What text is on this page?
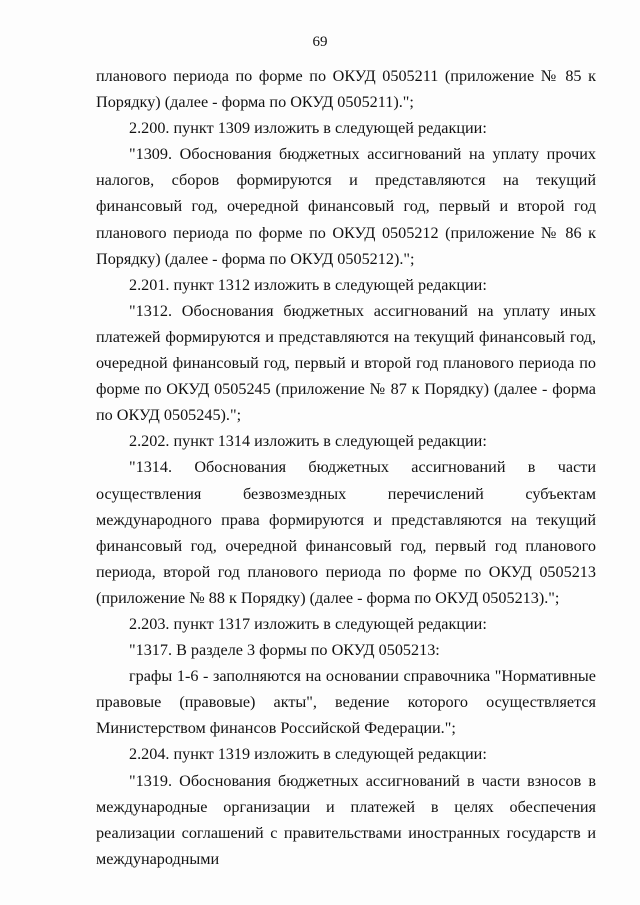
69

планового периода по форме по ОКУД 0505211 (приложение № 85 к Порядку) (далее - форма по ОКУД 0505211).";

2.200. пункт 1309 изложить в следующей редакции:

"1309. Обоснования бюджетных ассигнований на уплату прочих налогов, сборов формируются и представляются на текущий финансовый год, очередной финансовый год, первый и второй год планового периода по форме по ОКУД 0505212 (приложение № 86 к Порядку) (далее - форма по ОКУД 0505212).";

2.201. пункт 1312 изложить в следующей редакции:

"1312. Обоснования бюджетных ассигнований на уплату иных платежей формируются и представляются на текущий финансовый год, очередной финансовый год, первый и второй год планового периода по форме по ОКУД 0505245 (приложение № 87 к Порядку) (далее - форма по ОКУД 0505245).";

2.202. пункт 1314 изложить в следующей редакции:

"1314. Обоснования бюджетных ассигнований в части осуществления безвозмездных перечислений субъектам международного права формируются и представляются на текущий финансовый год, очередной финансовый год, первый год планового периода, второй год планового периода по форме по ОКУД 0505213 (приложение № 88 к Порядку) (далее - форма по ОКУД 0505213).";

2.203. пункт 1317 изложить в следующей редакции:

"1317. В разделе 3 формы по ОКУД 0505213:

графы 1-6 - заполняются на основании справочника "Нормативные правовые (правовые) акты", ведение которого осуществляется Министерством финансов Российской Федерации.";

2.204. пункт 1319 изложить в следующей редакции:

"1319. Обоснования бюджетных ассигнований в части взносов в международные организации и платежей в целях обеспечения реализации соглашений с правительствами иностранных государств и международными
